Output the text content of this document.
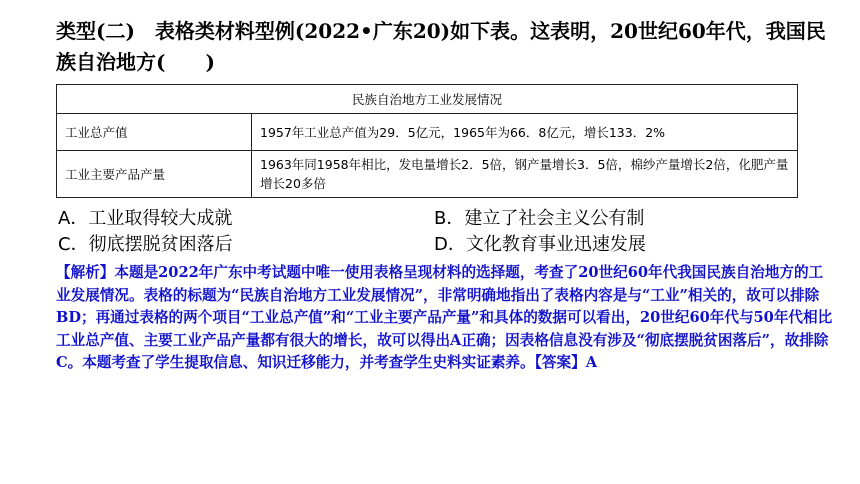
类型(二)　表格类材料型例(2022•广东20)如下表。这表明，20世纪60年代，我国民族自治地方(　　)
民族自治地方工业发展情况	
工业总产值	1957年工业总产值为29．5亿元，1965年为66．8亿元，增长133．2%
工业主要产品产量	1963年同1958年相比，发电量增长2．5倍，钢产量增长3．5倍，棉纱产量增长2倍，化肥产量增长20多倍
A．工业取得较大成就	B．建立了社会主义公有制
C．彻底摆脱贫困落后	D．文化教育事业迅速发展
【解析】本题是2022年广东中考试题中唯一使用表格呈现材料的选择题，考查了20世纪60年代我国民族自治地方的工业发展情况。表格的标题为“民族自治地方工业发展情况”，非常明确地指出了表格内容是与“工业”相关的，故可以排除BD；再通过表格的两个项目“工业总产值”和“工业主要产品产量”和具体的数据可以看出，20世纪60年代与50年代相比工业总产值、主要工业产品产量都有很大的增长，故可以得出A正确；因表格信息没有涉及“彻底摆脱贫困落后”，故排除C。本题考查了学生提取信息、知识迁移能力，并考查学生史料实证素养。【答案】A
